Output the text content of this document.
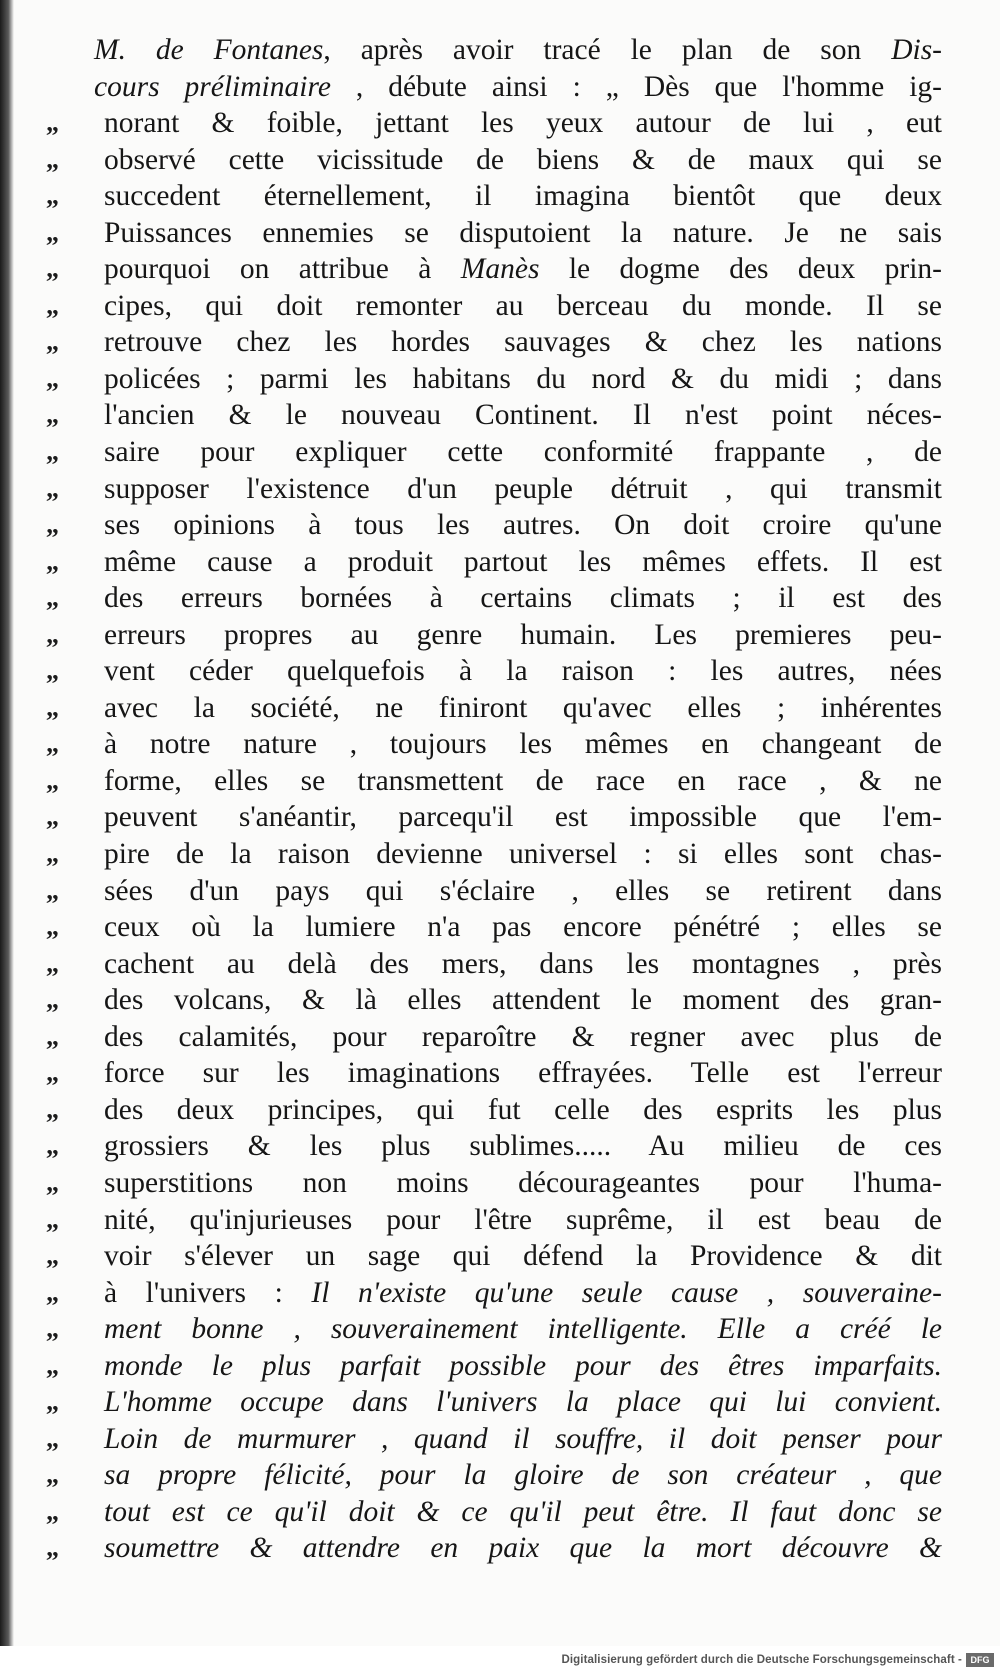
M. de Fontanes, après avoir tracé le plan de son Dis-
cours préliminaire , débute ainsi : „ Dès que l'homme ig-
„	norant & foible, jettant les yeux autour de lui , eut
„	observé cette vicissitude de biens & de maux qui se
„	succedent éternellement, il imagina bientôt que deux
„	Puissances ennemies se disputoient la nature. Je ne sais
„	pourquoi on attribue à Manès le dogme des deux prin-
„	cipes, qui doit remonter au berceau du monde. Il se
„	retrouve chez les hordes sauvages & chez les nations
„	policées ; parmi les habitans du nord & du midi ; dans
„	l'ancien & le nouveau Continent. Il n'est point néces-
„	saire pour expliquer cette conformité frappante , de
„	supposer l'existence d'un peuple détruit , qui transmit
„	ses opinions à tous les autres. On doit croire qu'une
„	même cause a produit partout les mêmes effets. Il est
„	des erreurs bornées à certains climats ; il est des
„	erreurs propres au genre humain. Les premieres peu-
„	vent céder quelquefois à la raison : les autres, nées
„	avec la société, ne finiront qu'avec elles ; inhérentes
„	à notre nature , toujours les mêmes en changeant de
„	forme, elles se transmettent de race en race , & ne
„	peuvent s'anéantir, parcequ'il est impossible que l'em-
„	pire de la raison devienne universel : si elles sont chas-
„	sées d'un pays qui s'éclaire , elles se retirent dans
„	ceux où la lumiere n'a pas encore pénétré ; elles se
„	cachent au delà des mers, dans les montagnes , près
„	des volcans, & là elles attendent le moment des gran-
„	des calamités, pour reparoître & regner avec plus de
„	force sur les imaginations effrayées. Telle est l'erreur
„	des deux principes, qui fut celle des esprits les plus
„	grossiers & les plus sublimes..... Au milieu de ces
„	superstitions non moins décourageantes pour l'huma-
„	nité, qu'injurieuses pour l'être suprême, il est beau de
„	voir s'élever un sage qui défend la Providence & dit
„	à l'univers : Il n'existe qu'une seule cause , souveraine-
„	ment bonne , souverainement intelligente. Elle a créé le
„	monde le plus parfait possible pour des êtres imparfaits.
„	L'homme occupe dans l'univers la place qui lui convient.
„	Loin de murmurer , quand il souffre, il doit penser pour
„	sa propre félicité, pour la gloire de son créateur , que
„	tout est ce qu'il doit & ce qu'il peut être. Il faut donc se
„	soumettre & attendre en paix que la mort découvre &
Digitalisierung gefördert durch die Deutsche Forschungsgemeinschaft - DFG
